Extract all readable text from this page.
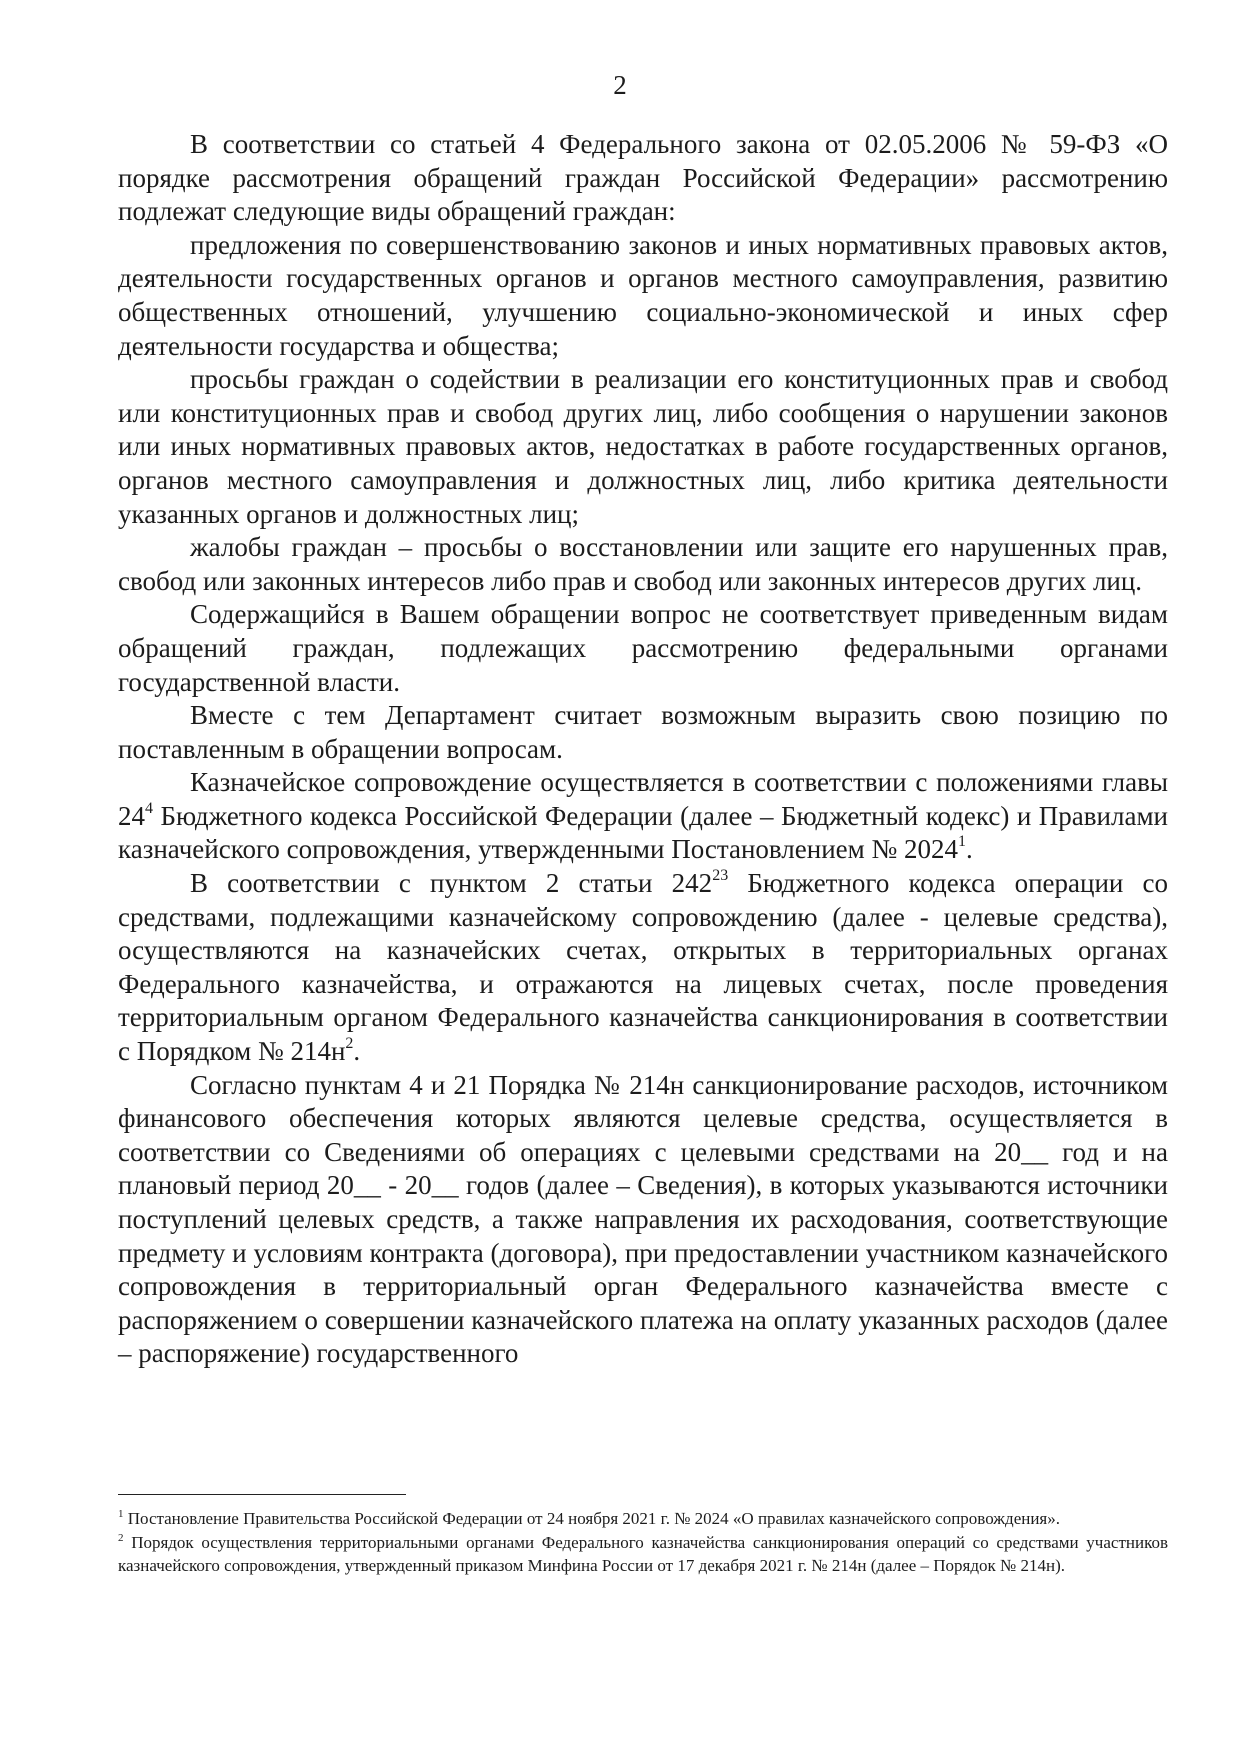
2

В соответствии со статьей 4 Федерального закона от 02.05.2006 № 59-ФЗ «О порядке рассмотрения обращений граждан Российской Федерации» рассмотрению подлежат следующие виды обращений граждан:

предложения по совершенствованию законов и иных нормативных правовых актов, деятельности государственных органов и органов местного самоуправления, развитию общественных отношений, улучшению социально-экономической и иных сфер деятельности государства и общества;

просьбы граждан о содействии в реализации его конституционных прав и свобод или конституционных прав и свобод других лиц, либо сообщения о нарушении законов или иных нормативных правовых актов, недостатках в работе государственных органов, органов местного самоуправления и должностных лиц, либо критика деятельности указанных органов и должностных лиц;

жалобы граждан – просьбы о восстановлении или защите его нарушенных прав, свобод или законных интересов либо прав и свобод или законных интересов других лиц.

Содержащийся в Вашем обращении вопрос не соответствует приведенным видам обращений граждан, подлежащих рассмотрению федеральными органами государственной власти.

Вместе с тем Департамент считает возможным выразить свою позицию по поставленным в обращении вопросам.

Казначейское сопровождение осуществляется в соответствии с положениями главы $24^4$ Бюджетного кодекса Российской Федерации (далее – Бюджетный кодекс) и Правилами казначейского сопровождения, утвержденными Постановлением № 2024$^1$.

В соответствии с пунктом 2 статьи $242^{23}$ Бюджетного кодекса операции со средствами, подлежащими казначейскому сопровождению (далее - целевые средства), осуществляются на казначейских счетах, открытых в территориальных органах Федерального казначейства, и отражаются на лицевых счетах, после проведения территориальным органом Федерального казначейства санкционирования в соответствии с Порядком № $214н^2$.

Согласно пунктам 4 и 21 Порядка № 214н санкционирование расходов, источником финансового обеспечения которых являются целевые средства, осуществляется в соответствии со Сведениями об операциях с целевыми средствами на 20__ год и на плановый период 20__ - 20__ годов (далее – Сведения), в которых указываются источники поступлений целевых средств, а также направления их расходования, соответствующие предмету и условиям контракта (договора), при предоставлении участником казначейского сопровождения в территориальный орган Федерального казначейства вместе с распоряжением о совершении казначейского платежа на оплату указанных расходов (далее – распоряжение) государственного

$^1$ Постановление Правительства Российской Федерации от 24 ноября 2021 г. № 2024 «О правилах казначейского сопровождения».

$^2$ Порядок осуществления территориальными органами Федерального казначейства санкционирования операций со средствами участников казначейского сопровождения, утвержденный приказом Минфина России от 17 декабря 2021 г. № 214н (далее – Порядок № 214н).
